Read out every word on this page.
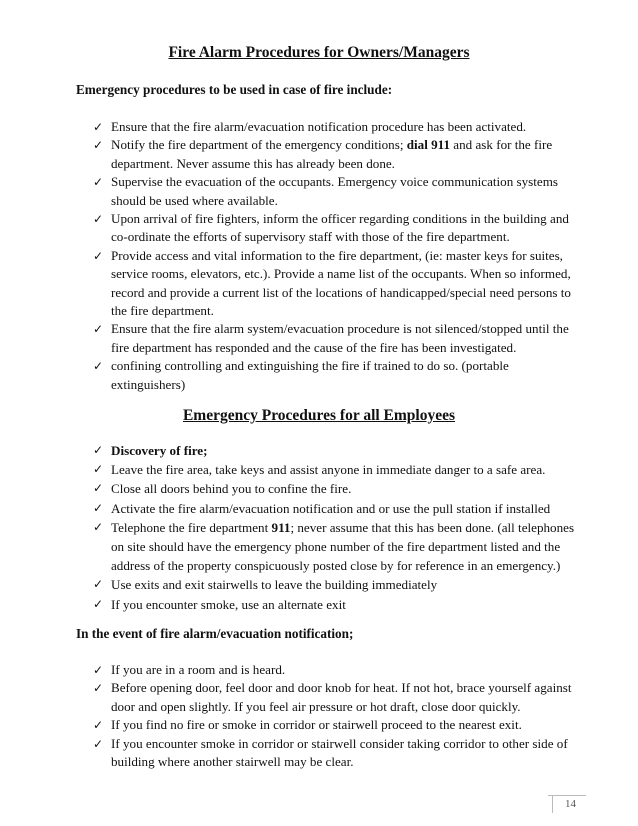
Fire Alarm Procedures for Owners/Managers
Emergency procedures to be used in case of fire include:
✓ Ensure that the fire alarm/evacuation notification procedure has been activated.
✓ Notify the fire department of the emergency conditions; dial 911 and ask for the fire department. Never assume this has already been done.
✓ Supervise the evacuation of the occupants. Emergency voice communication systems should be used where available.
✓ Upon arrival of fire fighters, inform the officer regarding conditions in the building and co-ordinate the efforts of supervisory staff with those of the fire department.
✓ Provide access and vital information to the fire department, (ie: master keys for suites, service rooms, elevators, etc.). Provide a name list of the occupants. When so informed, record and provide a current list of the locations of handicapped/special need persons to the fire department.
✓ Ensure that the fire alarm system/evacuation procedure is not silenced/stopped until the fire department has responded and the cause of the fire has been investigated.
✓ confining controlling and extinguishing the fire if trained to do so. (portable extinguishers)
Emergency Procedures for all Employees
✓ Discovery of fire;
✓ Leave the fire area, take keys and assist anyone in immediate danger to a safe area.
✓ Close all doors behind you to confine the fire.
✓ Activate the fire alarm/evacuation notification and or use the pull station if installed
✓ Telephone the fire department 911; never assume that this has been done. (all telephones on site should have the emergency phone number of the fire department listed and the address of the property conspicuously posted close by for reference in an emergency.)
✓ Use exits and exit stairwells to leave the building immediately
✓ If you encounter smoke, use an alternate exit
In the event of fire alarm/evacuation notification;
✓ If you are in a room and is heard.
✓ Before opening door, feel door and door knob for heat. If not hot, brace yourself against door and open slightly. If you feel air pressure or hot draft, close door quickly.
✓ If you find no fire or smoke in corridor or stairwell proceed to the nearest exit.
✓ If you encounter smoke in corridor or stairwell consider taking corridor to other side of building where another stairwell may be clear.
14
